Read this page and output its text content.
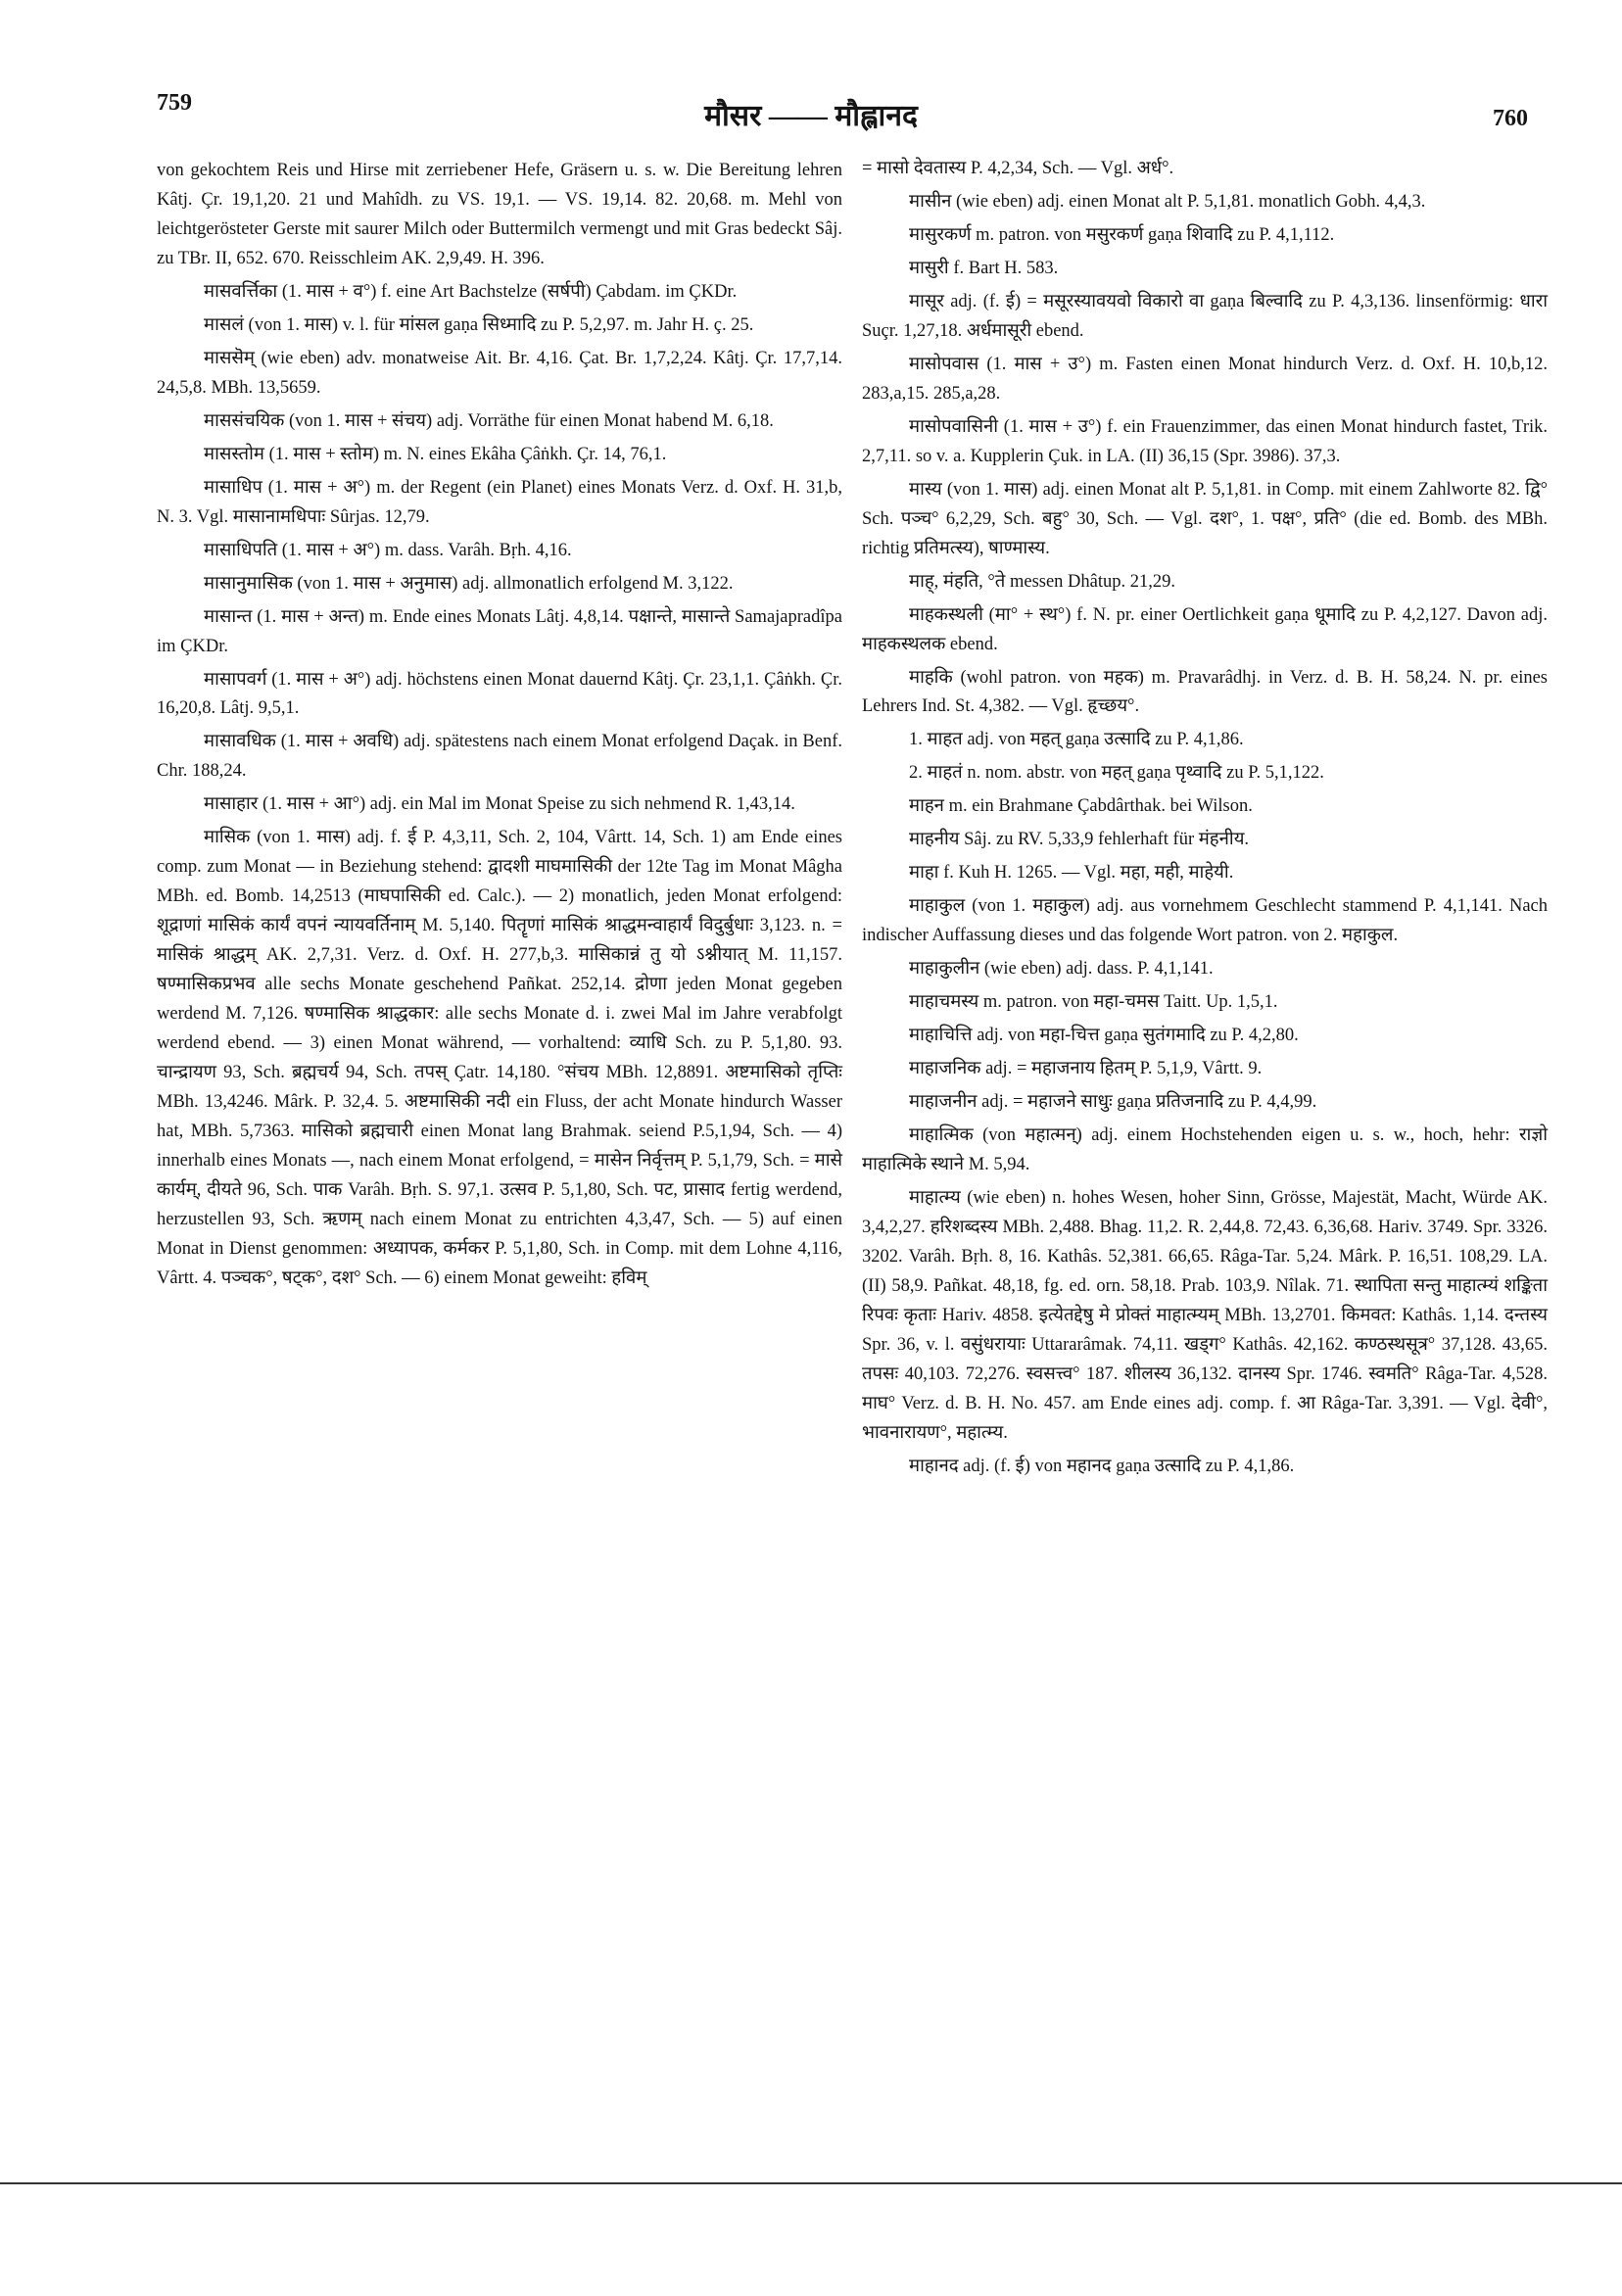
759	मौसर —— मौह्लानद	760

von gekochtem Reis und Hirse mit zerriebener Hefe, Gräsern u. s. w. Die Bereitung lehren Kâtj. Çr. 19,1,20. 21 und Mahîdh. zu VS. 19,1. — VS. 19,14. 82. 20,68. m. Mehl von leichtgerösteter Gerste mit saurer Milch oder Buttermilch vermengt und mit Gras bedeckt Sâj. zu TBr. II, 652. 670. Reisschleim AK. 2,9,49. H. 396.

मासवर्त्तिका (1. मास + व°) f. eine Art Bachstelze (सर्षपी) Çabdam. im ÇKDr.

मासलं (von 1. मास) v. l. für मांसल gaṇa सिध्मादि zu P. 5,2,97. m. Jahr H. ç. 25.

माससॆम् (wie eben) adv. monatweise Ait. Br. 4,16. Çat. Br. 1,7,2,24. Kâtj. Çr. 17,7,14. 24,5,8. MBh. 13,5659.

माससंचयिक (von 1. मास + संचय) adj. Vorräthe für einen Monat habend M. 6,18.

मासस्तोम (1. मास + स्तोम) m. N. eines Ekâha Çâṅkh. Çr. 14, 76,1.

मासाधिप (1. मास + अ°) m. der Regent (ein Planet) eines Monats Verz. d. Oxf. H. 31,b, N. 3. Vgl. मासानामधिपाः Sûrjas. 12,79.

मासाधिपति (1. मास + अ°) m. dass. Varâh. Bṛh. 4,16.

मासानुमासिक (von 1. मास + अनुमास) adj. allmonatlich erfolgend M. 3,122.

मासान्त (1. मास + अन्त) m. Ende eines Monats Lâtj. 4,8,14. पक्षान्ते, मासान्ते Samajapradîpa im ÇKDr.

मासापवर्ग (1. मास + अ°) adj. höchstens einen Monat dauernd Kâtj. Çr. 23,1,1. Çâṅkh. Çr. 16,20,8. Lâtj. 9,5,1.

मासावधिक (1. मास + अवधि) adj. spätestens nach einem Monat erfolgend Daçak. in Benf. Chr. 188,24.

मासाहार (1. मास + आ°) adj. ein Mal im Monat Speise zu sich nehmend R. 1,43,14.

मासिक (von 1. मास) adj. f. ई P. 4,3,11, Sch. 2, 104, Vârtt. 14, Sch. 1) am Ende eines comp. zum Monat — in Beziehung stehend: द्वादशी माघमासिकी der 12te Tag im Monat Mâgha MBh. ed. Bomb. 14,2513 (माघपासिकी ed. Calc.). — 2) monatlich, jeden Monat erfolgend: शूद्राणां मासिकं कार्यं वपनं न्यायवर्तिनाम् M. 5,140. पितॄणां मासिकं श्राद्धमन्वाहार्यं विदुर्बुधाः 3,123. n. = मासिकं श्राद्धम् AK. 2,7,31. Verz. d. Oxf. H. 277,b,3. मासिकान्नं तु यो ऽश्नीयात् M. 11,157. षण्मासिकप्रभव alle sechs Monate geschehend Pañkat. 252,14. द्रोणा jeden Monat gegeben werdend M. 7,126. षण्मासिक श्राद्धकार: alle sechs Monate d. i. zwei Mal im Jahre verabfolgt werdend ebend. — 3) einen Monat während, — vorhaltend: व्याधि Sch. zu P. 5,1,80. 93. चान्द्रायण 93, Sch. ब्रह्मचर्य 94, Sch. तपस् Çatr. 14,180. °संचय MBh. 12,8891. अष्टमासिको तृप्तिः MBh. 13,4246. Mârk. P. 32,4. 5. अष्टमासिकी नदी ein Fluss, der acht Monate hindurch Wasser hat, MBh. 5,7363. मासिको ब्रह्मचारी einen Monat lang Brahmak. seiend P.5,1,94, Sch. — 4) innerhalb eines Monats —, nach einem Monat erfolgend, = मासेन निर्वृत्तम् P. 5,1,79, Sch. = मासे कार्यम्, दीयते 96, Sch. पाक Varâh. Bṛh. S. 97,1. उत्सव P. 5,1,80, Sch. पट, प्रासाद fertig werdend, herzustellen 93, Sch. ऋणम् nach einem Monat zu entrichten 4,3,47, Sch. — 5) auf einen Monat in Dienst genommen: अध्यापक, कर्मकर P. 5,1,80, Sch. in Comp. mit dem Lohne 4,116, Vârtt. 4. पञ्चक°, षट्क°, दश° Sch. — 6) einem Monat geweiht: हविम्

= मासो देवतास्य P. 4,2,34, Sch. — Vgl. अर्ध°.

मासीन (wie eben) adj. einen Monat alt P. 5,1,81. monatlich Gobh. 4,4,3.

मासुरकर्ण m. patron. von मसुरकर्ण gaṇa शिवादि zu P. 4,1,112.

मासुरी f. Bart H. 583.

मासूर adj. (f. ई) = मसूरस्यावयवो विकारो वा gaṇa बिल्वादि zu P. 4,3,136. linsenförmig: धारा Suçr. 1,27,18. अर्धमासूरी ebend.

मासोपवास (1. मास + उ°) m. Fasten einen Monat hindurch Verz. d. Oxf. H. 10,b,12. 283,a,15. 285,a,28.

मासोपवासिनी (1. मास + उ°) f. ein Frauenzimmer, das einen Monat hindurch fastet, Trik. 2,7,11. so v. a. Kupplerin Çuk. in LA. (II) 36,15 (Spr. 3986). 37,3.

मास्य (von 1. मास) adj. einen Monat alt P. 5,1,81. in Comp. mit einem Zahlworte 82. द्वि° Sch. पञ्च° 6,2,29, Sch. बहु° 30, Sch. — Vgl. दश°, 1. पक्ष°, प्रति° (die ed. Bomb. des MBh. richtig प्रतिमत्स्य), षाण्मास्य.

माह्, मंहति, °ते messen Dhâtup. 21,29.

माहकस्थली (मा° + स्थ°) f. N. pr. einer Oertlichkeit gaṇa धूमादि zu P. 4,2,127. Davon adj. माहकस्थलक ebend.

माहकि (wohl patron. von महक) m. Pravarâdhj. in Verz. d. B. H. 58,24. N. pr. eines Lehrers Ind. St. 4,382. — Vgl. हृच्छय°.

1. माहत adj. von महत् gaṇa उत्सादि zu P. 4,1,86.

2. माहतं n. nom. abstr. von महत् gaṇa पृथ्वादि zu P. 5,1,122.

माहन m. ein Brahmane Çabdârthak. bei Wilson.

माहनीय Sâj. zu RV. 5,33,9 fehlerhaft für मंहनीय.

माहा f. Kuh H. 1265. — Vgl. महा, मही, माहेयी.

माहाकुल (von 1. महाकुल) adj. aus vornehmem Geschlecht stammend P. 4,1,141. Nach indischer Auffassung dieses und das folgende Wort patron. von 2. महाकुल.

माहाकुलीन (wie eben) adj. dass. P. 4,1,141.

माहाचमस्य m. patron. von महा-चमस Taitt. Up. 1,5,1.

माहाचित्ति adj. von महा-चित्त gaṇa सुतंगमादि zu P. 4,2,80.

माहाजनिक adj. = महाजनाय हितम् P. 5,1,9, Vârtt. 9.

माहाजनीन adj. = महाजने साधुः gaṇa प्रतिजनादि zu P. 4,4,99.

माहात्मिक (von महात्मन्) adj. einem Hochstehenden eigen u. s. w., hoch, hehr: राज्ञो माहात्मिके स्थाने M. 5,94.

माहात्म्य (wie eben) n. hohes Wesen, hoher Sinn, Grösse, Majestät, Macht, Würde AK. 3,4,2,27. हरिशब्दस्य MBh. 2,488. Bhag. 11,2. R. 2,44,8. 72,43. 6,36,68. Hariv. 3749. Spr. 3326. 3202. Varâh. Bṛh. 8, 16. Kathâs. 52,381. 66,65. Râga-Tar. 5,24. Mârk. P. 16,51. 108,29. LA. (II) 58,9. Pañkat. 48,18, fg. ed. orn. 58,18. Prab. 103,9. Nîlak. 71. स्थापिता सन्तु माहात्म्यं शङ्किता रिपवः कृताः Hariv. 4858. इत्येतद्देषु मे प्रोक्तं माहात्म्यम् MBh. 13,2701. किमवत: Kathâs. 1,14. दन्तस्य Spr. 36, v. l. वसुंधरायाः Uttararâmak. 74,11. खड्ग° Kathâs. 42,162. कण्ठस्थसूत्र° 37,128. 43,65. तपसः 40,103. 72,276. स्वसत्त्व° 187. शीलस्य 36,132. दानस्य Spr. 1746. स्वमति° Râga-Tar. 4,528. माघ° Verz. d. B. H. No. 457. am Ende eines adj. comp. f. आ Râga-Tar. 3,391. — Vgl. देवी°, भावनारायण°, महात्म्य.

माहानद adj. (f. ई) von महानद gaṇa उत्सादि zu P. 4,1,86.
